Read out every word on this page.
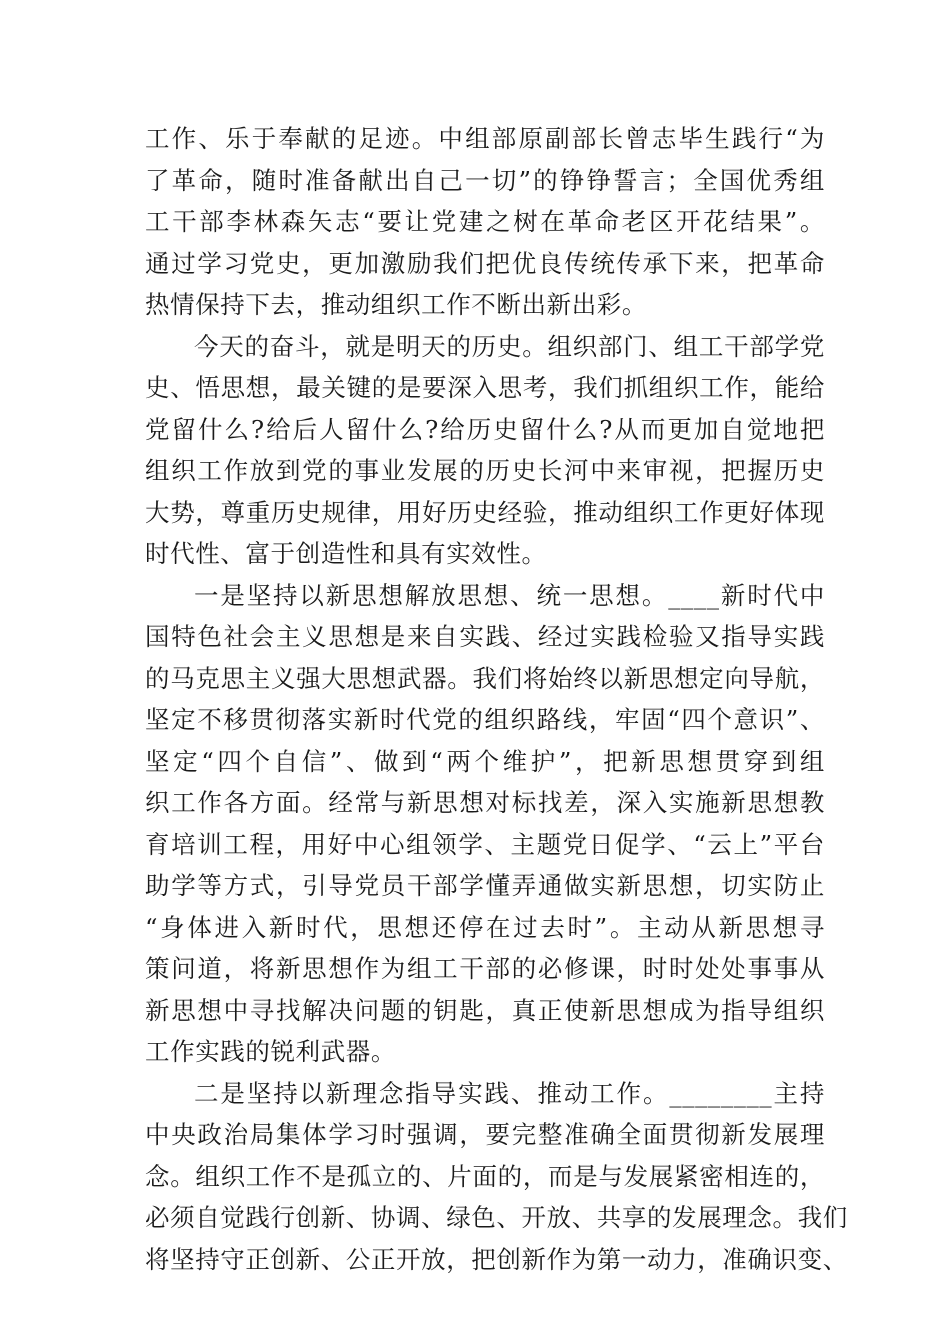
工作、乐于奉献的足迹。中组部原副部长曾志毕生践行“为
了革命，随时准备献出自己一切”的铮铮誓言；全国优秀组
工干部李林森矢志“要让党建之树在革命老区开花结果”。
通过学习党史，更加激励我们把优良传统传承下来，把革命
热情保持下去，推动组织工作不断出新出彩。
今天的奋斗，就是明天的历史。组织部门、组工干部学党
史、悟思想，最关键的是要深入思考，我们抓组织工作，能给
党留什么?给后人留什么?给历史留什么?从而更加自觉地把
组织工作放到党的事业发展的历史长河中来审视，把握历史
大势，尊重历史规律，用好历史经验，推动组织工作更好体现
时代性、富于创造性和具有实效性。
一是坚持以新思想解放思想、统一思想。____新时代中
国特色社会主义思想是来自实践、经过实践检验又指导实践
的马克思主义强大思想武器。我们将始终以新思想定向导航，
坚定不移贯彻落实新时代党的组织路线，牢固“四个意识”、
坚定“四个自信”、做到“两个维护”，把新思想贯穿到组
织工作各方面。经常与新思想对标找差，深入实施新思想教
育培训工程，用好中心组领学、主题党日促学、“云上”平台
助学等方式，引导党员干部学懂弄通做实新思想，切实防止
“身体进入新时代，思想还停在过去时”。主动从新思想寻
策问道，将新思想作为组工干部的必修课，时时处处事事从
新思想中寻找解决问题的钥匙，真正使新思想成为指导组织
工作实践的锐利武器。
二是坚持以新理念指导实践、推动工作。________主持
中央政治局集体学习时强调，要完整准确全面贯彻新发展理
念。组织工作不是孤立的、片面的，而是与发展紧密相连的，
必须自觉践行创新、协调、绿色、开放、共享的发展理念。我们
将坚持守正创新、公正开放，把创新作为第一动力，准确识变、
